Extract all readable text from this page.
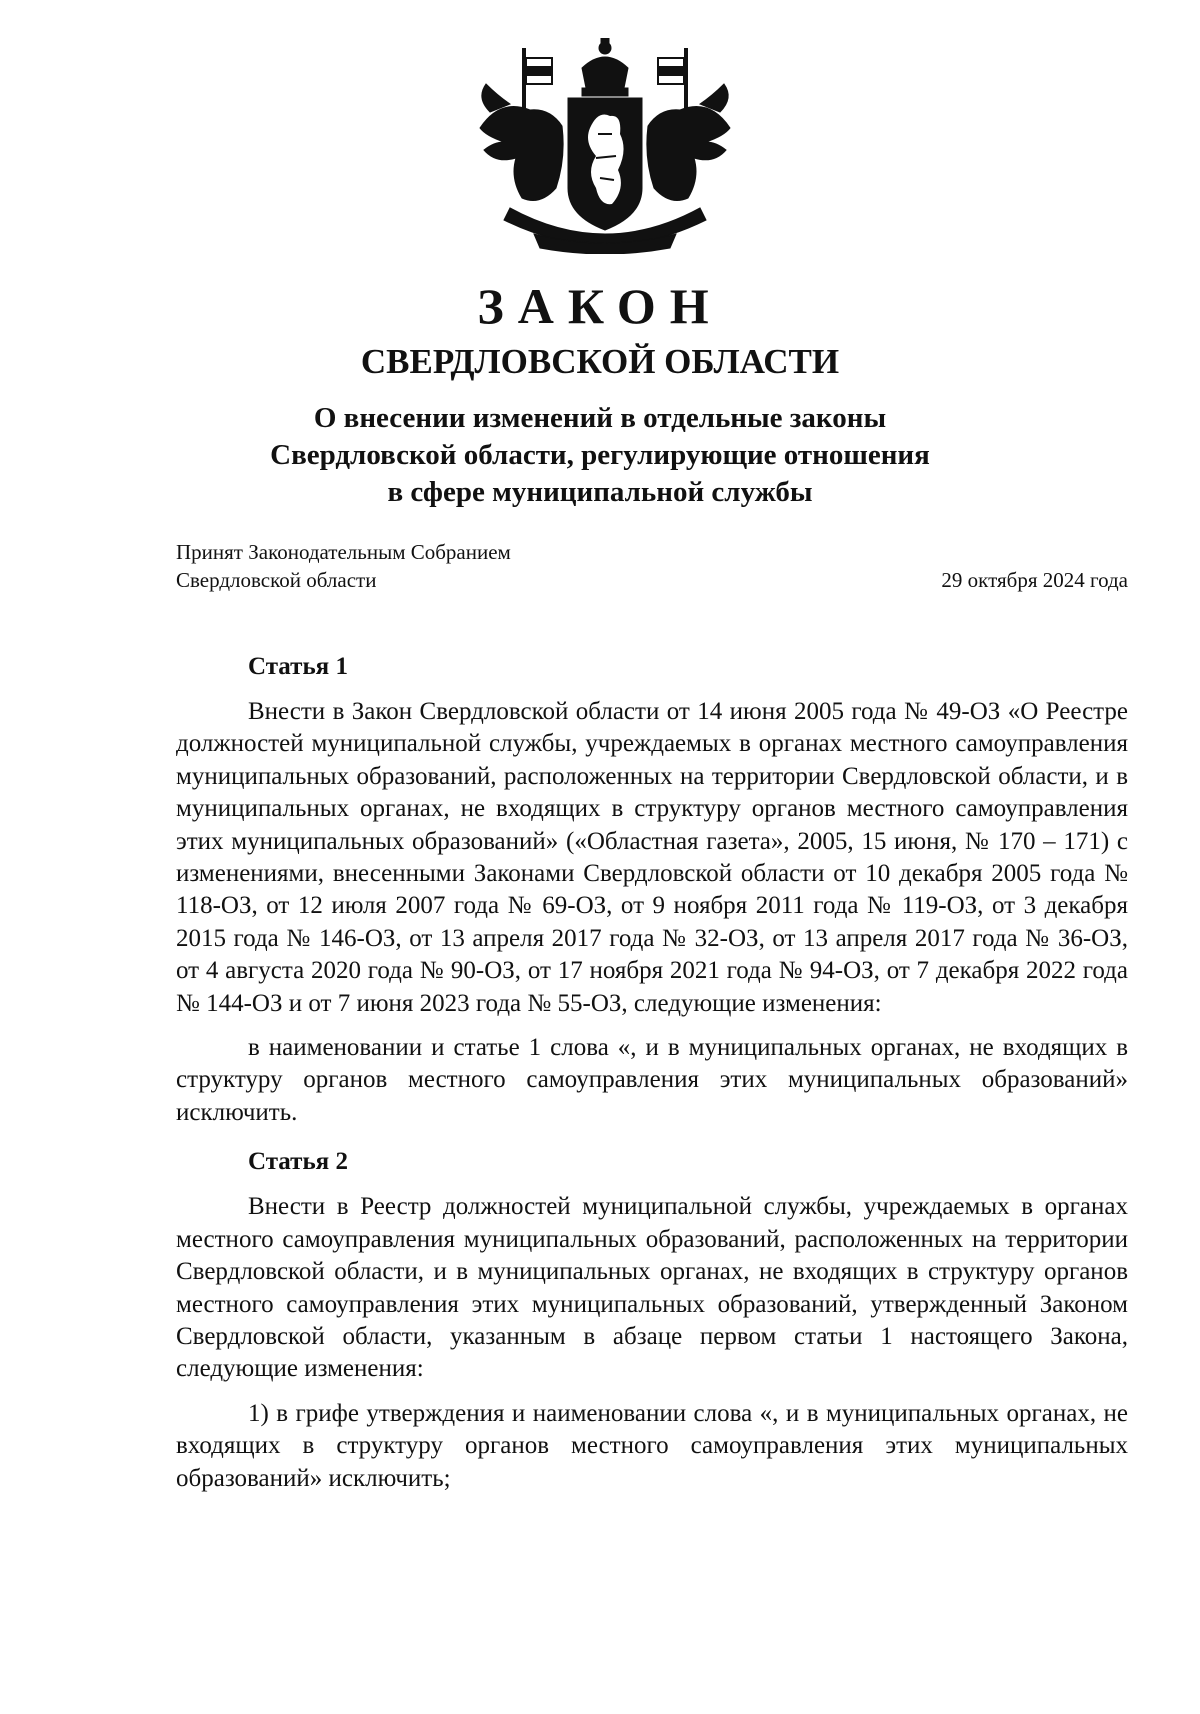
ЗАКОН
СВЕРДЛОВСКОЙ ОБЛАСТИ
О внесении изменений в отдельные законы
Свердловской области, регулирующие отношения
в сфере муниципальной службы
Принят Законодательным Собранием
Свердловской области	29 октября 2024 года
Статья 1

Внести в Закон Свердловской области от 14 июня 2005 года № 49-ОЗ «О Реестре должностей муниципальной службы, учреждаемых в органах местного самоуправления муниципальных образований, расположенных на территории Свердловской области, и в муниципальных органах, не входящих в структуру органов местного самоуправления этих муниципальных образований» («Областная газета», 2005, 15 июня, № 170 – 171) с изменениями, внесенными Законами Свердловской области от 10 декабря 2005 года № 118-ОЗ, от 12 июля 2007 года № 69-ОЗ, от 9 ноября 2011 года № 119-ОЗ, от 3 декабря 2015 года № 146-ОЗ, от 13 апреля 2017 года № 32-ОЗ, от 13 апреля 2017 года № 36-ОЗ, от 4 августа 2020 года № 90-ОЗ, от 17 ноября 2021 года № 94-ОЗ, от 7 декабря 2022 года № 144-ОЗ и от 7 июня 2023 года № 55-ОЗ, следующие изменения:

в наименовании и статье 1 слова «, и в муниципальных органах, не входящих в структуру органов местного самоуправления этих муниципальных образований» исключить.

Статья 2

Внести в Реестр должностей муниципальной службы, учреждаемых в органах местного самоуправления муниципальных образований, расположенных на территории Свердловской области, и в муниципальных органах, не входящих в структуру органов местного самоуправления этих муниципальных образований, утвержденный Законом Свердловской области, указанным в абзаце первом статьи 1 настоящего Закона, следующие изменения:

1) в грифе утверждения и наименовании слова «, и в муниципальных органах, не входящих в структуру органов местного самоуправления этих муниципальных образований» исключить;
